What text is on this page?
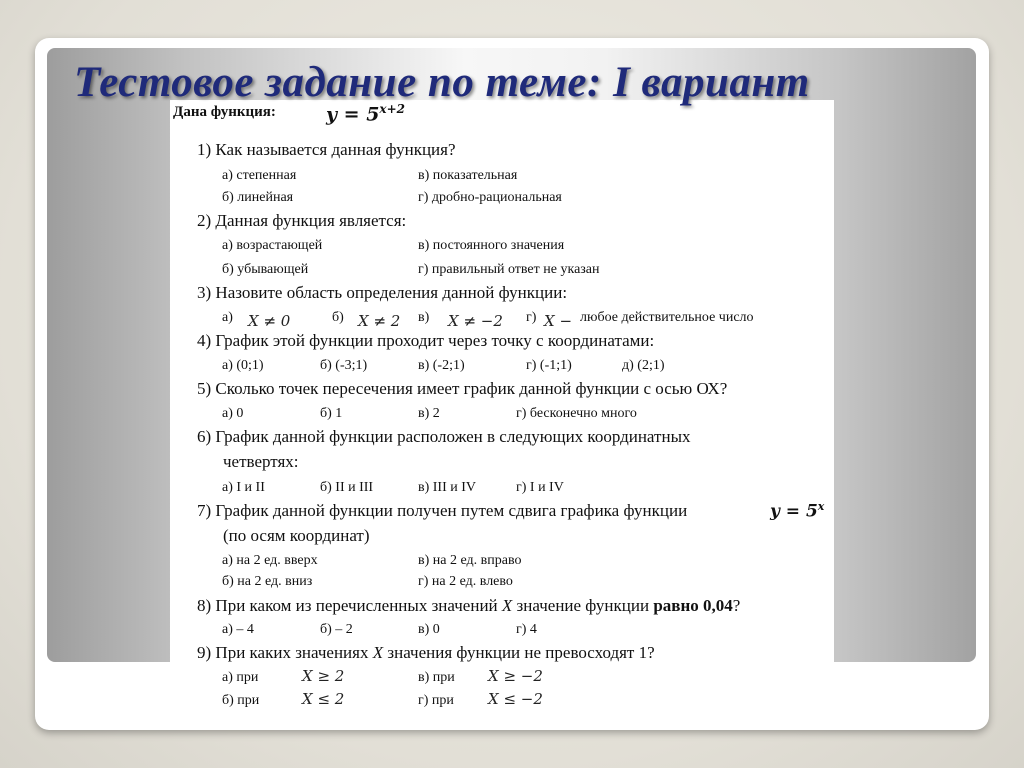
Дана функция:	$y = 5^{x+2}$
1) Как называется данная функция?
а) степенная	в) показательная
б) линейная	г) дробно-рациональная
2) Данная функция является:
а) возрастающей	в) постоянного значения
б) убывающей	г) правильный ответ не указан
3) Назовите область определения данной функции:
а) X ≠ 0	б) X ≠ 2 в) X ≠ −2 г) X − любое действительное число
4) График этой функции проходит через точку с координатами:
а) (0;1)	б) (-3;1)	в) (-2;1)	г) (-1;1)	д) (2;1)
5) Сколько точек пересечения имеет график данной функции с осью ОХ?
а) 0	б) 1	в) 2	г) бесконечно много
6) График данной функции расположен в следующих координатных
четвертях:
а) I и II	б) II и III	в) III и IV	г) I и IV
7) График данной функции получен путем сдвига графика функции	$y = 5^x$
(по осям координат)
а) на 2 ед. вверх	в) на 2 ед. вправо
б) на 2 ед. вниз	г) на 2 ед. влево
8) При каком из перечисленных значений X значение функции равно 0,04?
а) – 4	б) – 2	в) 0	г) 4
9) При каких значениях X значения функции не превосходят 1?
а) при	X ≥ 2	в) при X ≥ −2
б) при	X ≤ 2	г) при X ≤ −2
Тестовое задание по теме: I вариант
